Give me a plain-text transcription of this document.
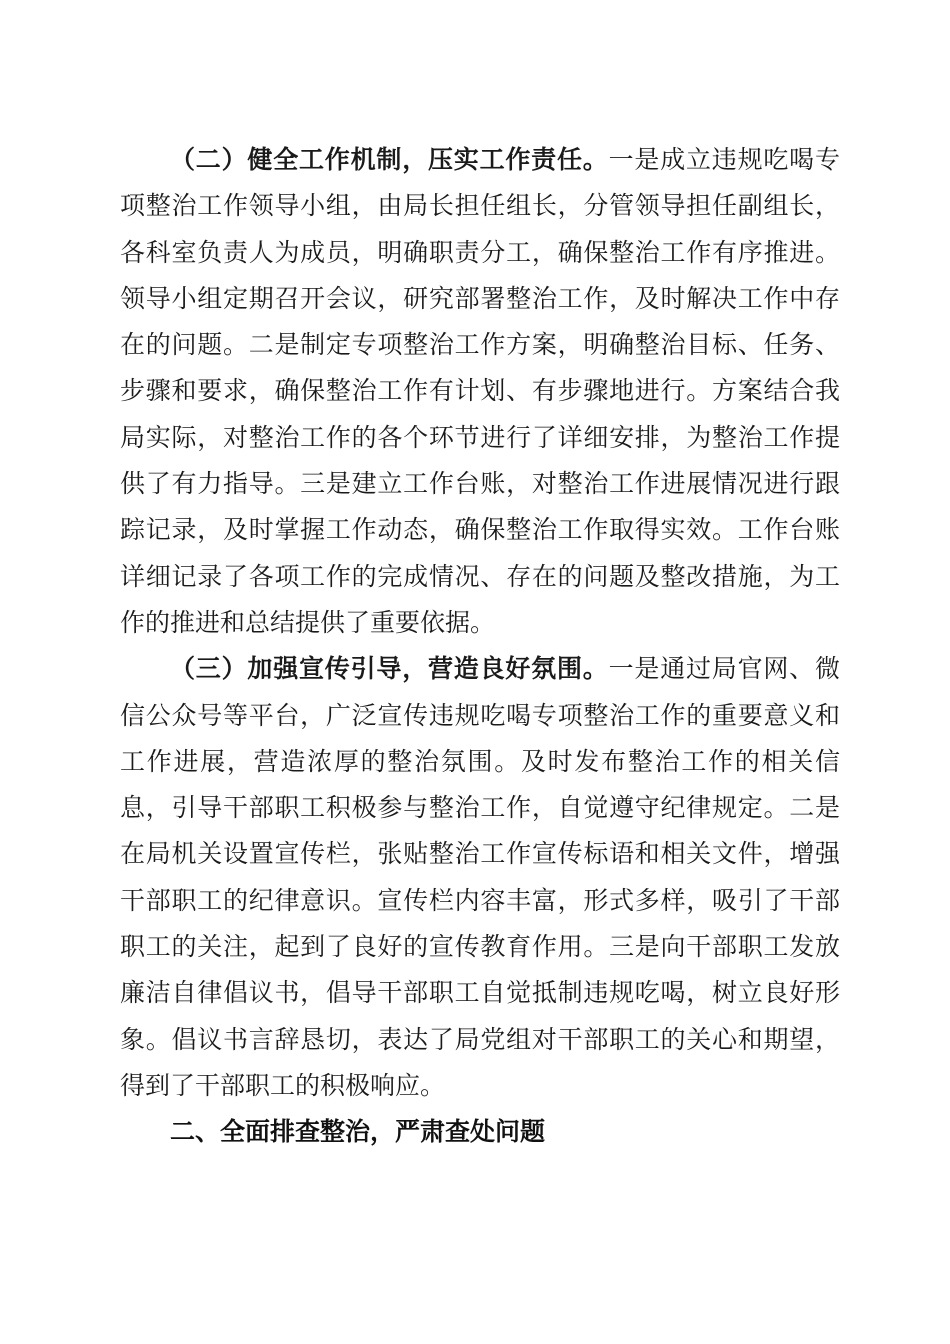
（二）健全工作机制，压实工作责任。一是成立违规吃喝专项整治工作领导小组，由局长担任组长，分管领导担任副组长，各科室负责人为成员，明确职责分工，确保整治工作有序推进。领导小组定期召开会议，研究部署整治工作，及时解决工作中存在的问题。二是制定专项整治工作方案，明确整治目标、任务、步骤和要求，确保整治工作有计划、有步骤地进行。方案结合我局实际，对整治工作的各个环节进行了详细安排，为整治工作提供了有力指导。三是建立工作台账，对整治工作进展情况进行跟踪记录，及时掌握工作动态，确保整治工作取得实效。工作台账详细记录了各项工作的完成情况、存在的问题及整改措施，为工作的推进和总结提供了重要依据。

（三）加强宣传引导，营造良好氛围。一是通过局官网、微信公众号等平台，广泛宣传违规吃喝专项整治工作的重要意义和工作进展，营造浓厚的整治氛围。及时发布整治工作的相关信息，引导干部职工积极参与整治工作，自觉遵守纪律规定。二是在局机关设置宣传栏，张贴整治工作宣传标语和相关文件，增强干部职工的纪律意识。宣传栏内容丰富，形式多样，吸引了干部职工的关注，起到了良好的宣传教育作用。三是向干部职工发放廉洁自律倡议书，倡导干部职工自觉抵制违规吃喝，树立良好形象。倡议书言辞恳切，表达了局党组对干部职工的关心和期望，得到了干部职工的积极响应。

二、全面排查整治，严肃查处问题
